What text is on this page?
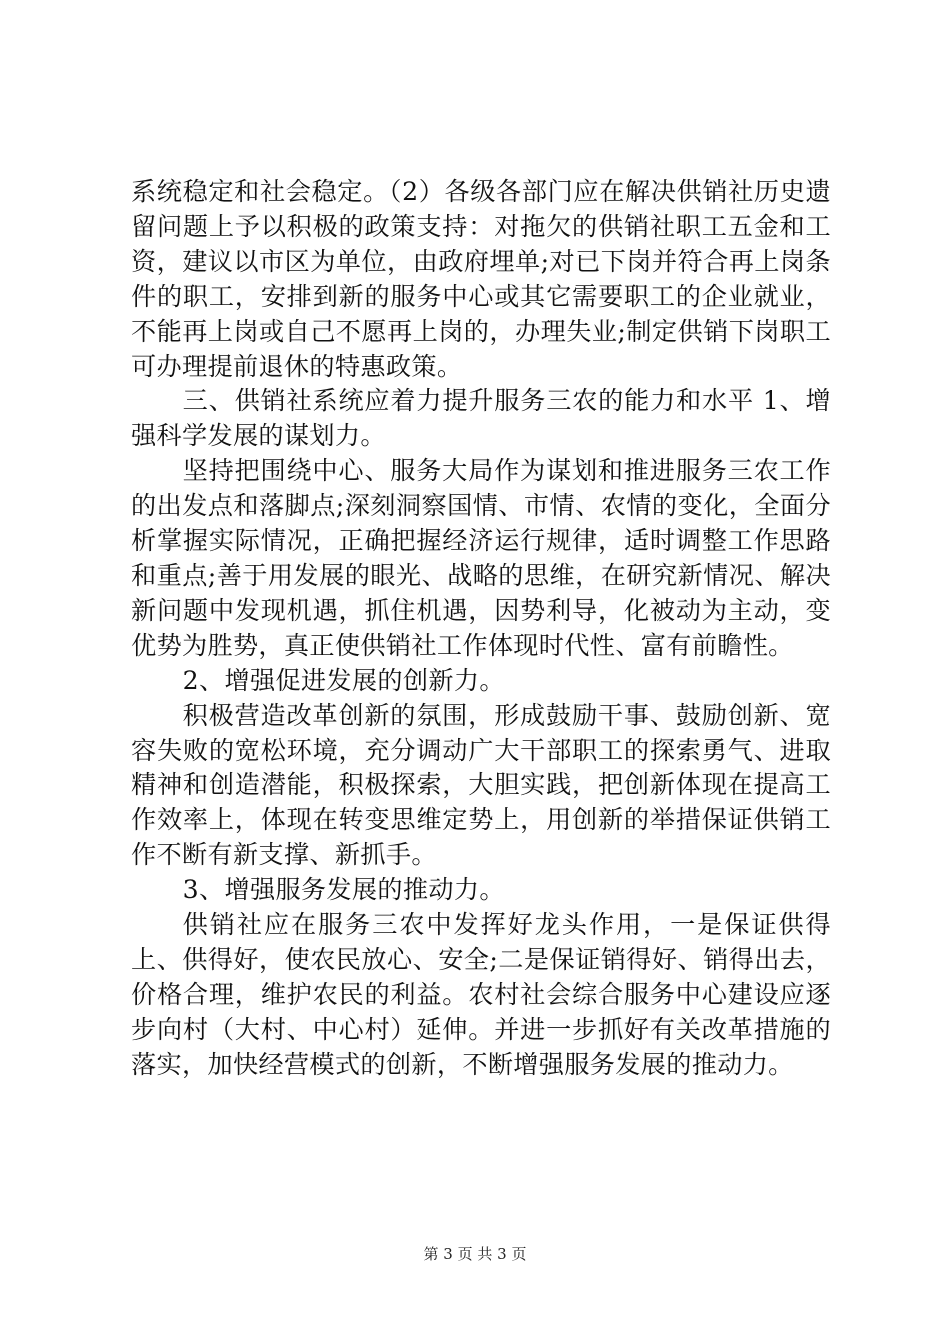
系统稳定和社会稳定。（2）各级各部门应在解决供销社历史遗留问题上予以积极的政策支持：对拖欠的供销社职工五金和工资，建议以市区为单位，由政府埋单;对已下岗并符合再上岗条件的职工，安排到新的服务中心或其它需要职工的企业就业，不能再上岗或自己不愿再上岗的，办理失业;制定供销下岗职工可办理提前退休的特惠政策。

三、供销社系统应着力提升服务三农的能力和水平 1、增强科学发展的谋划力。

坚持把围绕中心、服务大局作为谋划和推进服务三农工作的出发点和落脚点;深刻洞察国情、市情、农情的变化，全面分析掌握实际情况，正确把握经济运行规律，适时调整工作思路和重点;善于用发展的眼光、战略的思维，在研究新情况、解决新问题中发现机遇，抓住机遇，因势利导，化被动为主动，变优势为胜势，真正使供销社工作体现时代性、富有前瞻性。

2、增强促进发展的创新力。

积极营造改革创新的氛围，形成鼓励干事、鼓励创新、宽容失败的宽松环境，充分调动广大干部职工的探索勇气、进取精神和创造潜能，积极探索，大胆实践，把创新体现在提高工作效率上，体现在转变思维定势上，用创新的举措保证供销工作不断有新支撑、新抓手。

3、增强服务发展的推动力。

供销社应在服务三农中发挥好龙头作用，一是保证供得上、供得好，使农民放心、安全;二是保证销得好、销得出去，价格合理，维护农民的利益。农村社会综合服务中心建设应逐步向村（大村、中心村）延伸。并进一步抓好有关改革措施的落实，加快经营模式的创新，不断增强服务发展的推动力。

第 3 页 共 3 页
